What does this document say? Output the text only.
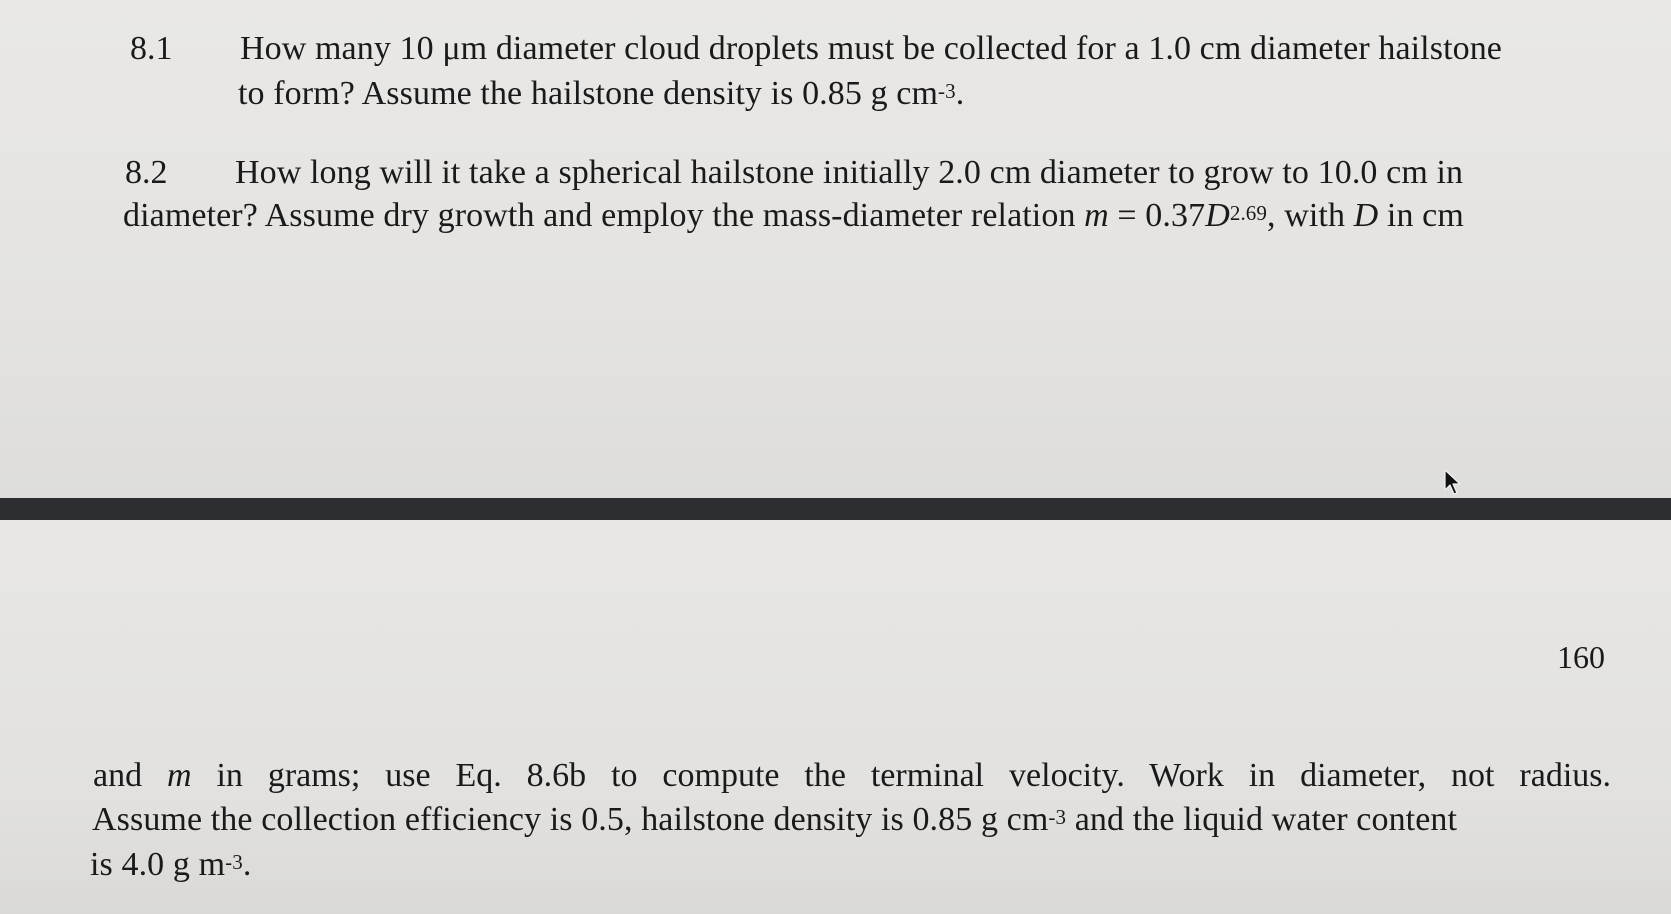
8.1 How many 10 μm diameter cloud droplets must be collected for a 1.0 cm diameter hailstone
to form? Assume the hailstone density is 0.85 g $cm^{-3}$.
8.2 How long will it take a spherical hailstone initially 2.0 cm diameter to grow to 10.0 cm in
diameter? Assume dry growth and employ the mass-diameter relation $m = 0.37D^{2.69}$, with D in cm
160
and m in grams; use Eq. 8.6b to compute the terminal velocity. Work in diameter, not radius.
Assume the collection efficiency is 0.5, hailstone density is 0.85 g $cm^{-3}$ and the liquid water content
is 4.0 g $m^{-3}$.
